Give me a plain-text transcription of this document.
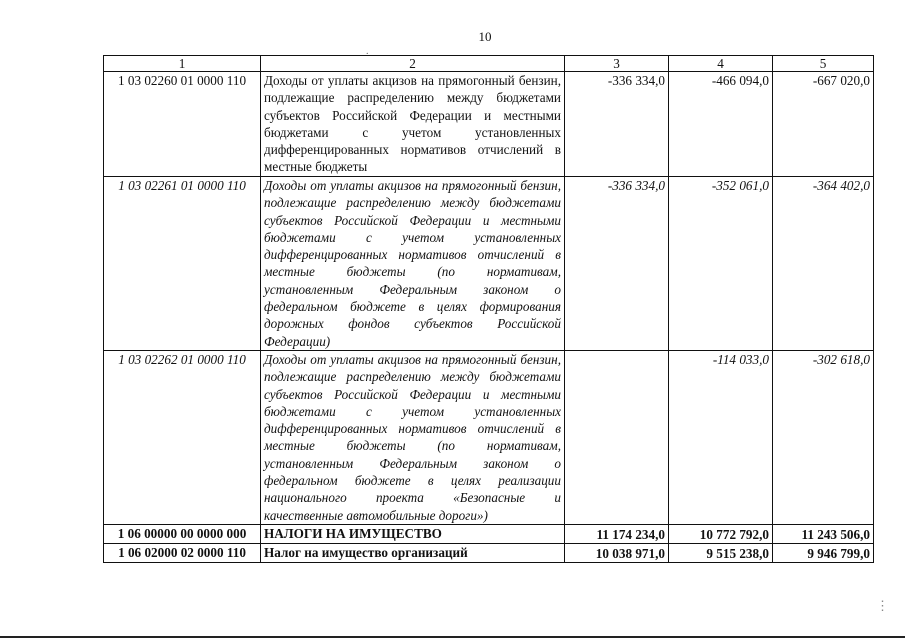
10
.
⋮
1	2	3	4	5
1 03 02260 01 0000 110	Доходы от уплаты акцизов на прямогонный бензин, подлежащие распределению между бюджетами субъектов Российской Федерации и местными бюджетами с учетом установленных дифференцированных нормативов отчислений в местные бюджеты	-336 334,0	-466 094,0	-667 020,0
1 03 02261 01 0000 110	Доходы от уплаты акцизов на прямогонный бензин, подлежащие распределению между бюджетами субъектов Российской Федерации и местными бюджетами с учетом установленных дифференцированных нормативов отчислений в местные бюджеты (по нормативам, установленным Федеральным законом о федеральном бюджете в целях формирования дорожных фондов субъектов Российской Федерации)	-336 334,0	-352 061,0	-364 402,0
1 03 02262 01 0000 110	Доходы от уплаты акцизов на прямогонный бензин, подлежащие распределению между бюджетами субъектов Российской Федерации и местными бюджетами с учетом установленных дифференцированных нормативов отчислений в местные бюджеты (по нормативам, установленным Федеральным законом о федеральном бюджете в целях реализации национального проекта «Безопасные и качественные автомобильные дороги»)		-114 033,0	-302 618,0
1 06 00000 00 0000 000	НАЛОГИ НА ИМУЩЕСТВО	11 174 234,0	10 772 792,0	11 243 506,0
1 06 02000 02 0000 110	Налог на имущество организаций	10 038 971,0	9 515 238,0	9 946 799,0
